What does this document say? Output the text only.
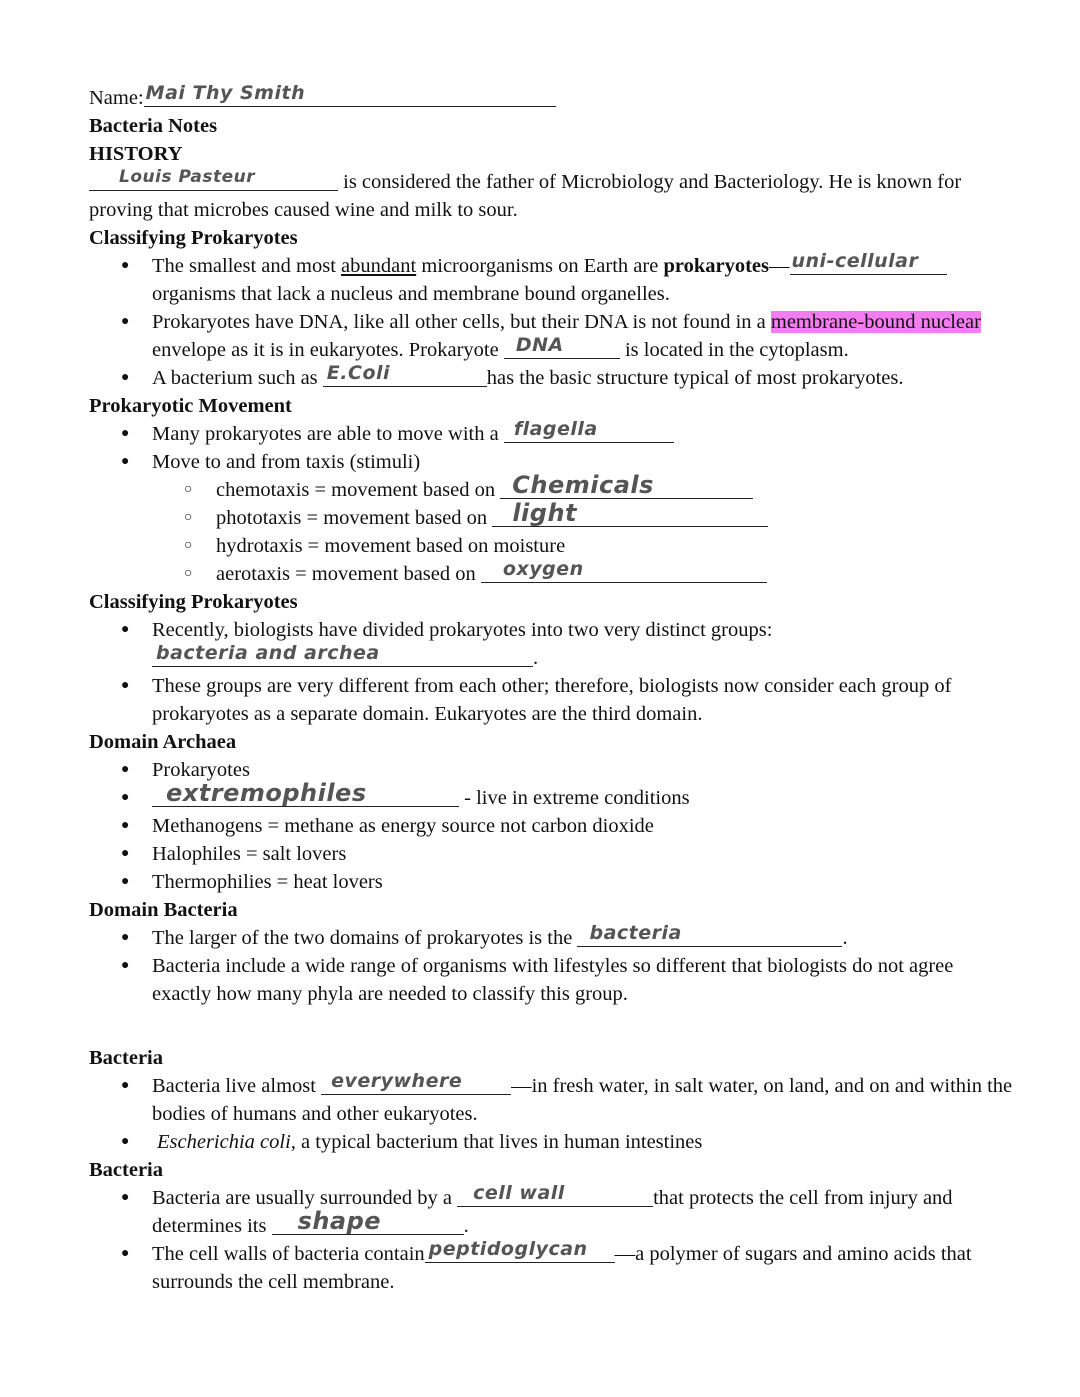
Name: Mai Thy Smith
Bacteria Notes
HISTORY
Louis Pasteur	is considered the father of Microbiology and Bacteriology. He is known for
proving that microbes caused wine and milk to sour.
Classifying Prokaryotes
● The smallest and most abundant microorganisms on Earth are prokaryotes— uni-cellular
organisms that lack a nucleus and membrane bound organelles.
● Prokaryotes have DNA, like all other cells, but their DNA is not found in a membrane-bound nuclear
envelope as it is in eukaryotes. Prokaryote DNA	is located in the cytoplasm.
● A bacterium such as E.Coli	has the basic structure typical of most prokaryotes.
Prokaryotic Movement
● Many prokaryotes are able to move with a flagella
● Move to and from taxis (stimuli)
○ chemotaxis = movement based on Chemicals
○ phototaxis = movement based on light
○ hydrotaxis = movement based on moisture
○ aerotaxis = movement based on oxygen
Classifying Prokaryotes
● Recently, biologists have divided prokaryotes into two very distinct groups:
bacteria and archea	.
● These groups are very different from each other; therefore, biologists now consider each group of
prokaryotes as a separate domain. Eukaryotes are the third domain.
Domain Archaea
● Prokaryotes
● extremophiles	- live in extreme conditions
● Methanogens = methane as energy source not carbon dioxide
● Halophiles = salt lovers
● Thermophilies = heat lovers
Domain Bacteria
● The larger of the two domains of prokaryotes is the bacteria	.
● Bacteria include a wide range of organisms with lifestyles so different that biologists do not agree
exactly how many phyla are needed to classify this group.
Bacteria
● Bacteria live almost everywhere —in fresh water, in salt water, on land, and on and within the
bodies of humans and other eukaryotes.
● Escherichia coli, a typical bacterium that lives in human intestines
Bacteria
● Bacteria are usually surrounded by a cell wall	that protects the cell from injury and
determines its shape	.
● The cell walls of bacteria contain peptidoglycan —a polymer of sugars and amino acids that
surrounds the cell membrane.
